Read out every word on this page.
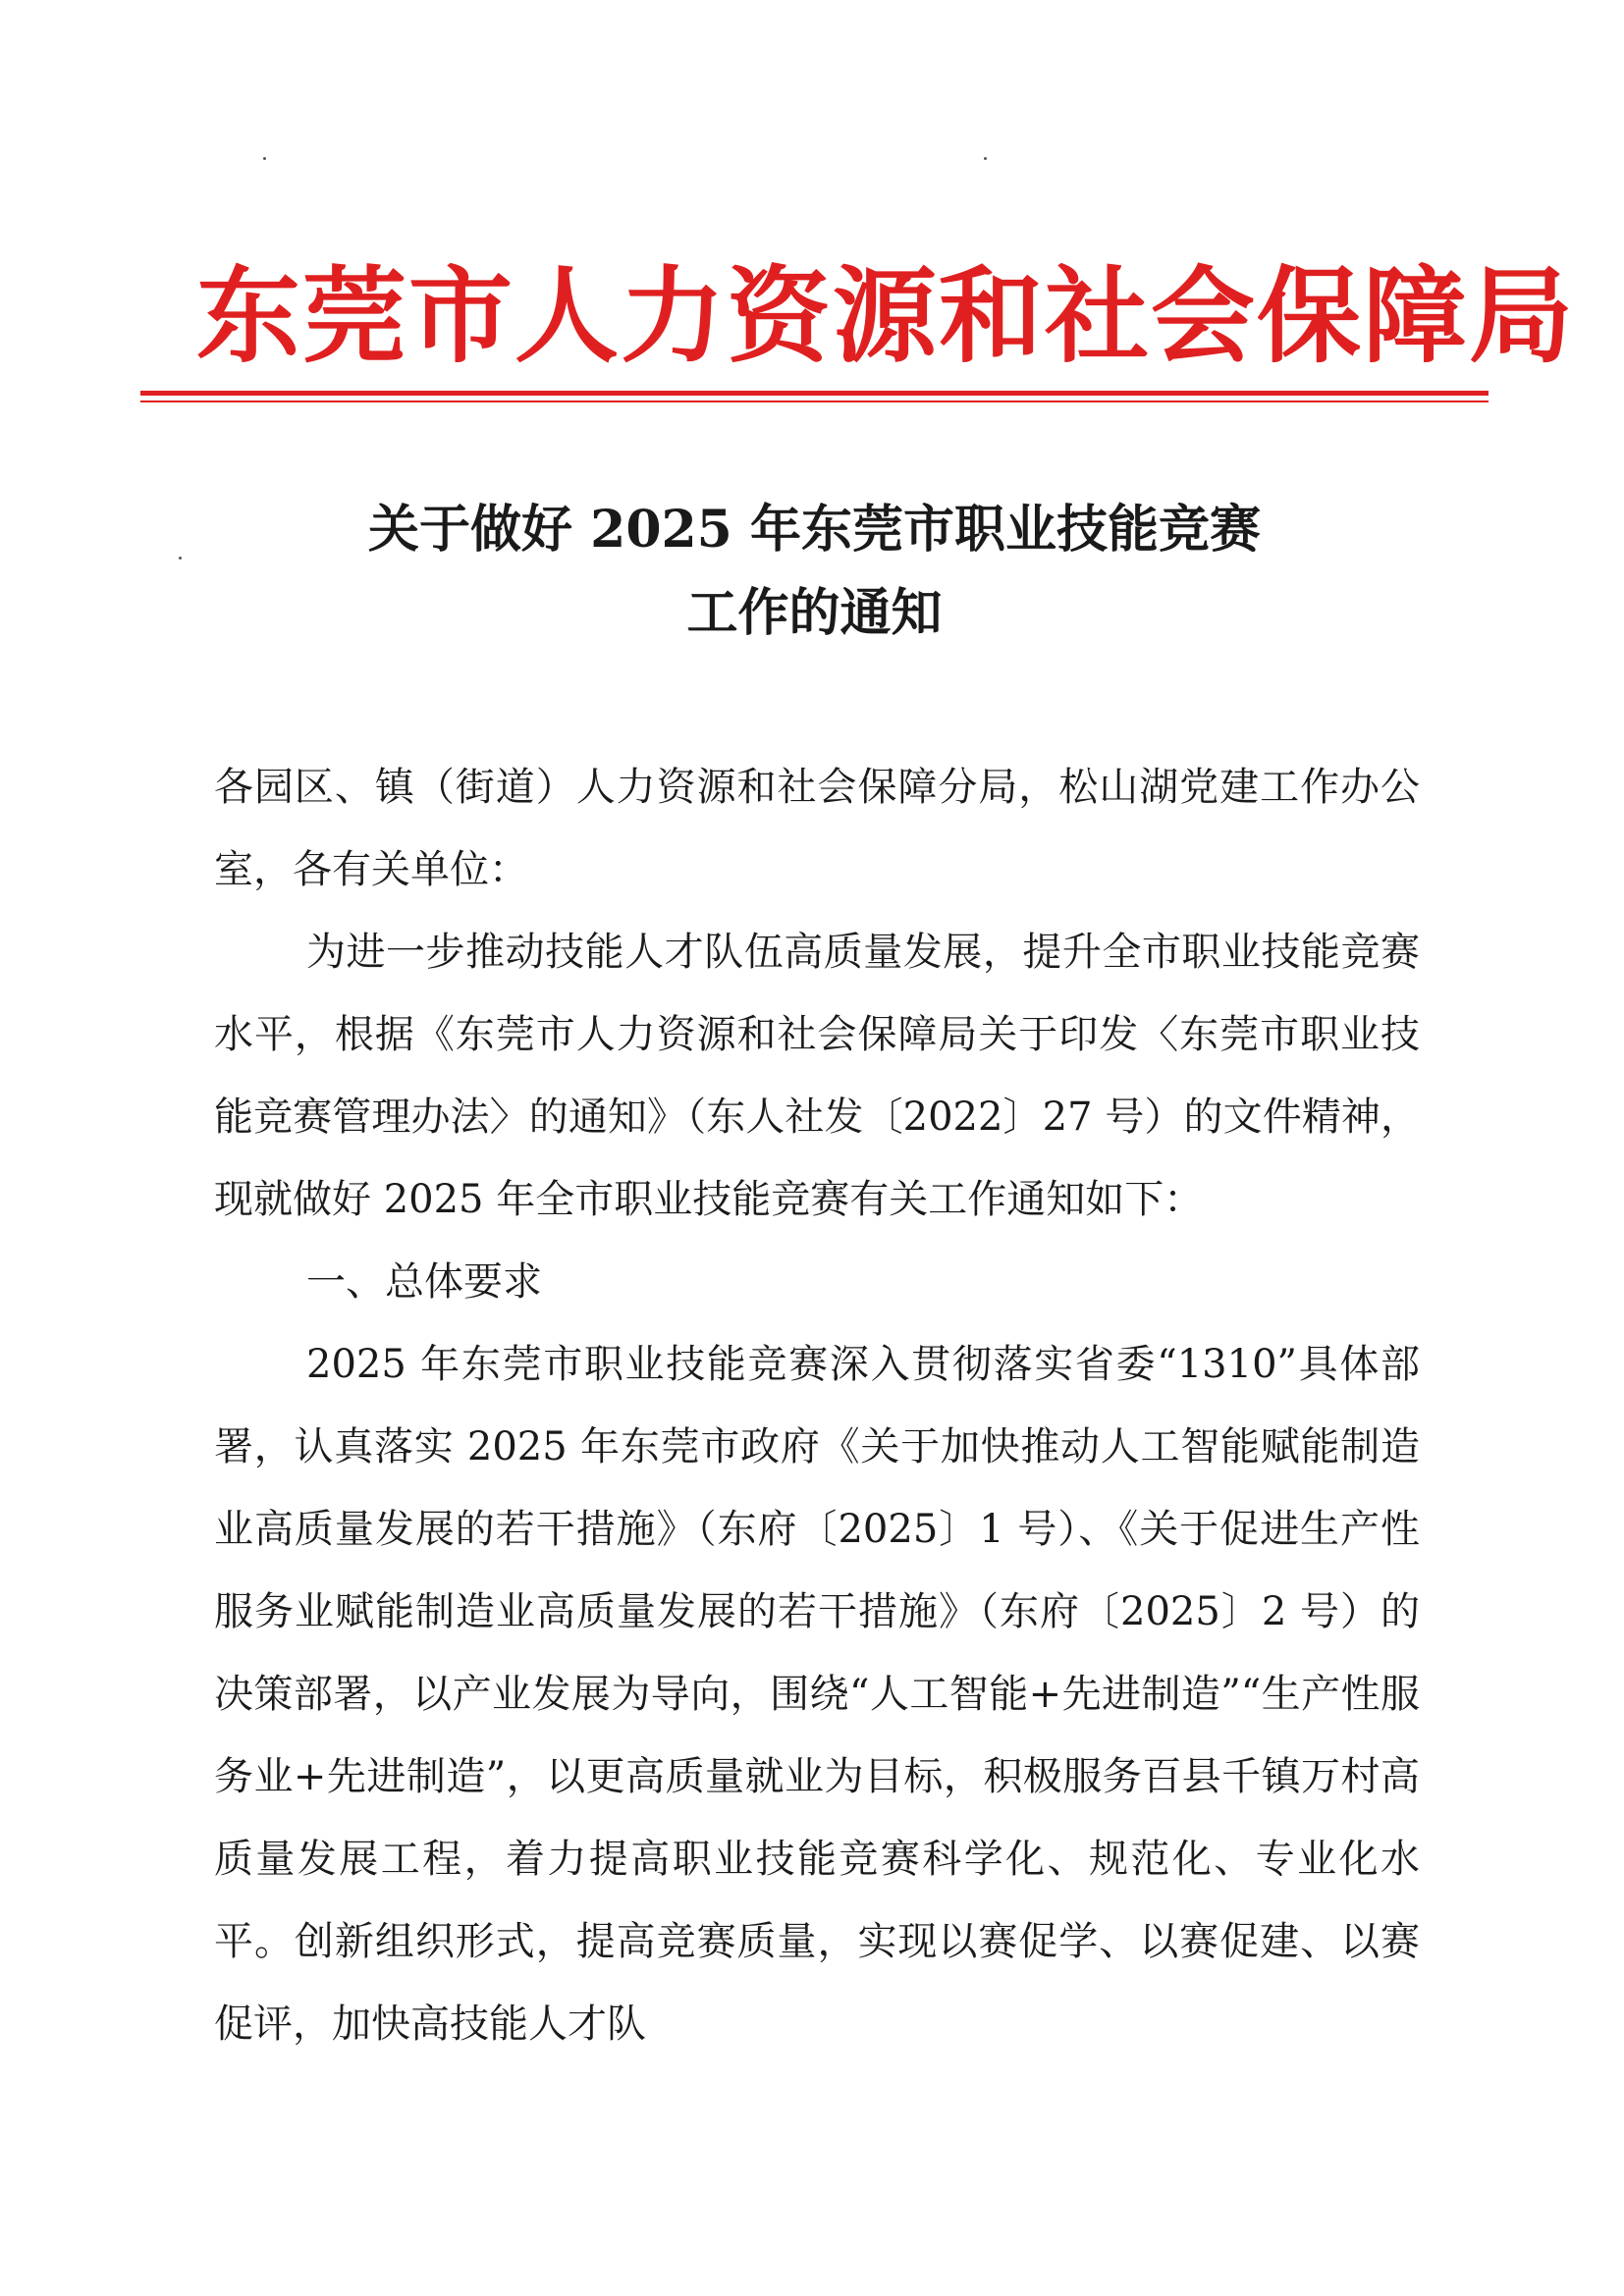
东莞市人力资源和社会保障局
关于做好 2025 年东莞市职业技能竞赛
工作的通知

各园区、镇（街道）人力资源和社会保障分局，松山湖党建工作办公室，各有关单位：

为进一步推动技能人才队伍高质量发展，提升全市职业技能竞赛水平，根据《东莞市人力资源和社会保障局关于印发〈东莞市职业技能竞赛管理办法〉的通知》（东人社发〔2022〕27 号）的文件精神，现就做好 2025 年全市职业技能竞赛有关工作通知如下：

一、总体要求

2025 年东莞市职业技能竞赛深入贯彻落实省委“1310”具体部署，认真落实 2025 年东莞市政府《关于加快推动人工智能赋能制造业高质量发展的若干措施》（东府〔2025〕1 号）、《关于促进生产性服务业赋能制造业高质量发展的若干措施》（东府〔2025〕2 号）的决策部署，以产业发展为导向，围绕“人工智能+先进制造”“生产性服务业+先进制造”，以更高质量就业为目标，积极服务百县千镇万村高质量发展工程，着力提高职业技能竞赛科学化、规范化、专业化水平。创新组织形式，提高竞赛质量，实现以赛促学、以赛促建、以赛促评，加快高技能人才队
